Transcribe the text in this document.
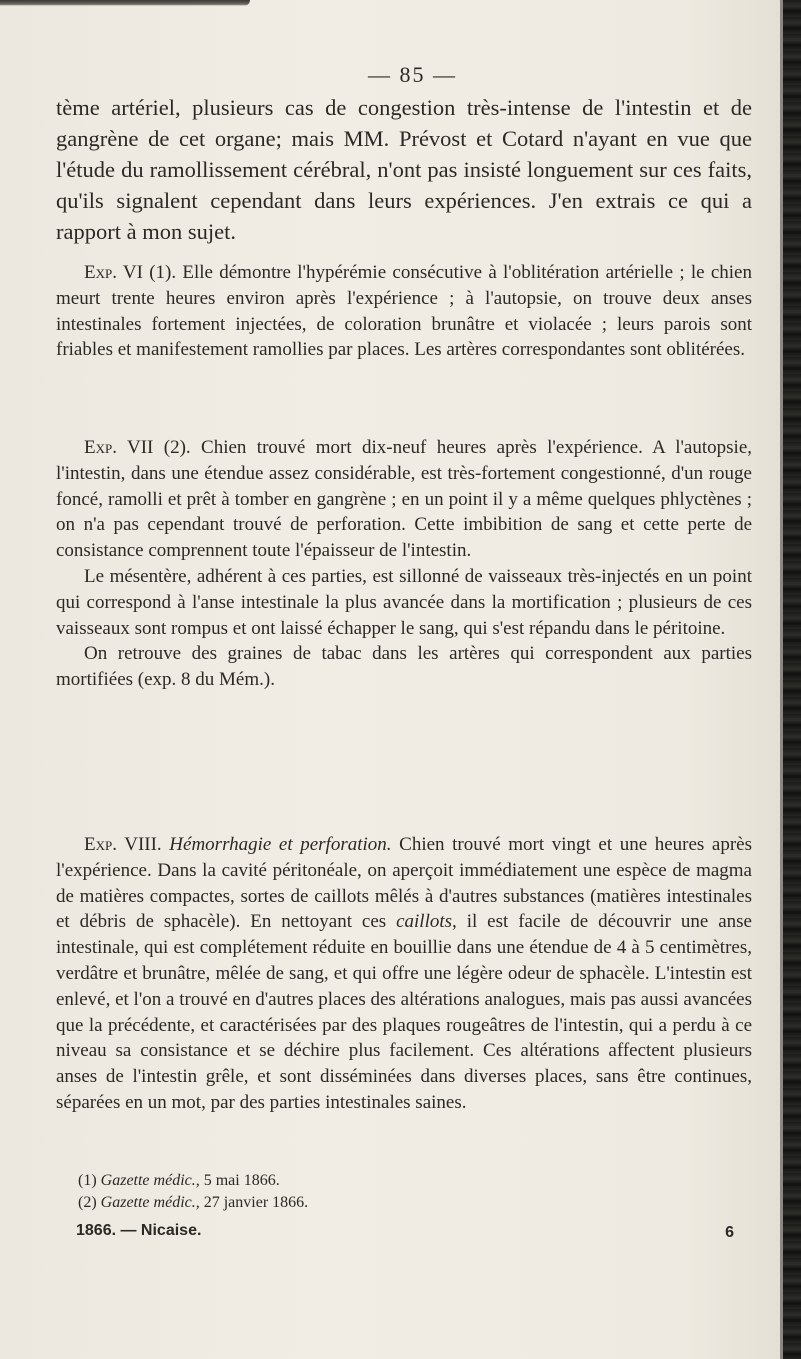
— 85 —
tème artériel, plusieurs cas de congestion très-intense de l'intestin et de gangrène de cet organe; mais MM. Prévost et Cotard n'ayant en vue que l'étude du ramollissement cérébral, n'ont pas insisté longuement sur ces faits, qu'ils signalent cependant dans leurs expériences. J'en extrais ce qui a rapport à mon sujet.
Exp. VI (1). Elle démontre l'hypérémie consécutive à l'oblitération artérielle ; le chien meurt trente heures environ après l'expérience ; à l'autopsie, on trouve deux anses intestinales fortement injectées, de coloration brunâtre et violacée ; leurs parois sont friables et manifestement ramollies par places. Les artères correspondantes sont oblitérées.
Exp. VII (2). Chien trouvé mort dix-neuf heures après l'expérience. A l'autopsie, l'intestin, dans une étendue assez considérable, est très-fortement congestionné, d'un rouge foncé, ramolli et prêt à tomber en gangrène ; en un point il y a même quelques phlyctènes ; on n'a pas cependant trouvé de perforation. Cette imbibition de sang et cette perte de consistance comprennent toute l'épaisseur de l'intestin.
Le mésentère, adhérent à ces parties, est sillonné de vaisseaux très-injectés en un point qui correspond à l'anse intestinale la plus avancée dans la mortification ; plusieurs de ces vaisseaux sont rompus et ont laissé échapper le sang, qui s'est répandu dans le péritoine.
On retrouve des graines de tabac dans les artères qui correspondent aux parties mortifiées (exp. 8 du Mém.).
Exp. VIII. Hémorrhagie et perforation. Chien trouvé mort vingt et une heures après l'expérience. Dans la cavité péritonéale, on aperçoit immédiatement une espèce de magma de matières compactes, sortes de caillots mêlés à d'autres substances (matières intestinales et débris de sphacèle). En nettoyant ces caillots, il est facile de découvrir une anse intestinale, qui est complétement réduite en bouillie dans une étendue de 4 à 5 centimètres, verdâtre et brunâtre, mêlée de sang, et qui offre une légère odeur de sphacèle. L'intestin est enlevé, et l'on a trouvé en d'autres places des altérations analogues, mais pas aussi avancées que la précédente, et caractérisées par des plaques rougeâtres de l'intestin, qui a perdu à ce niveau sa consistance et se déchire plus facilement. Ces altérations affectent plusieurs anses de l'intestin grêle, et sont disséminées dans diverses places, sans être continues, séparées en un mot, par des parties intestinales saines.
(1) Gazette médic., 5 mai 1866.
(2) Gazette médic., 27 janvier 1866.
1866. — Nicaise.	6
